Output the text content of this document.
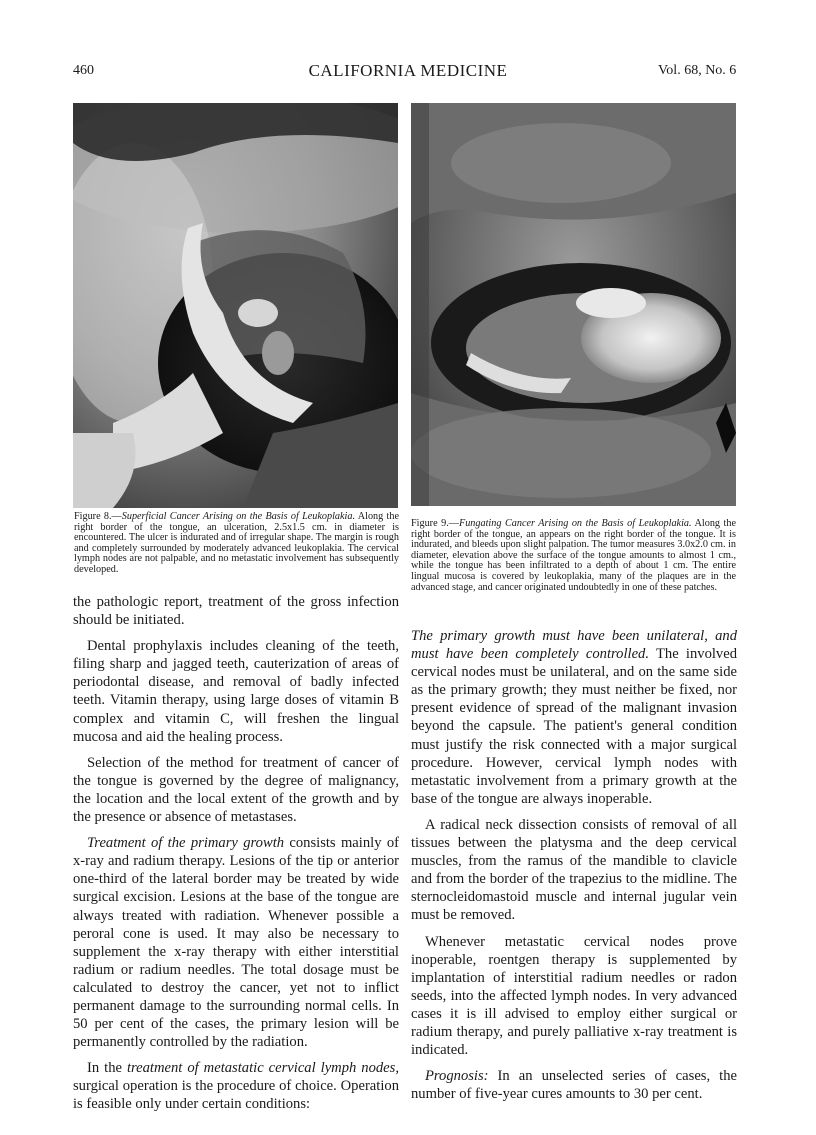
460	CALIFORNIA MEDICINE	Vol. 68, No. 6
Figure 8.—Superficial Cancer Arising on the Basis of Leukoplakia. Along the right border of the tongue, an ulceration, 2.5x1.5 cm. in diameter is encountered. The ulcer is indurated and of irregular shape. The margin is rough and completely surrounded by moderately advanced leukoplakia. The cervical lymph nodes are not palpable, and no metastatic involvement has subsequently developed.
Figure 9.—Fungating Cancer Arising on the Basis of Leukoplakia. Along the right border of the tongue, an appears on the right border of the tongue. It is indurated, and bleeds upon slight palpation. The tumor measures 3.0x2.0 cm. in diameter, elevation above the surface of the tongue amounts to almost 1 cm., while the tongue has been infiltrated to a depth of about 1 cm. The entire lingual mucosa is covered by leukoplakia, many of the plaques are in the advanced stage, and cancer originated undoubtedly in one of these patches.

the pathologic report, treatment of the gross infection should be initiated.

Dental prophylaxis includes cleaning of the teeth, filing sharp and jagged teeth, cauterization of areas of periodontal disease, and removal of badly infected teeth. Vitamin therapy, using large doses of vitamin B complex and vitamin C, will freshen the lingual mucosa and aid the healing process.

Selection of the method for treatment of cancer of the tongue is governed by the degree of malignancy, the location and the local extent of the growth and by the presence or absence of metastases.

Treatment of the primary growth consists mainly of x-ray and radium therapy. Lesions of the tip or anterior one-third of the lateral border may be treated by wide surgical excision. Lesions at the base of the tongue are always treated with radiation. Whenever possible a peroral cone is used. It may also be necessary to supplement the x-ray therapy with either interstitial radium or radium needles. The total dosage must be calculated to destroy the cancer, yet not to inflict permanent damage to the surrounding normal cells. In 50 per cent of the cases, the primary lesion will be permanently controlled by the radiation.

In the treatment of metastatic cervical lymph nodes, surgical operation is the procedure of choice. Operation is feasible only under certain conditions:

The primary growth must have been unilateral, and must have been completely controlled. The involved cervical nodes must be unilateral, and on the same side as the primary growth; they must neither be fixed, nor present evidence of spread of the malignant invasion beyond the capsule. The patient's general condition must justify the risk connected with a major surgical procedure. However, cervical lymph nodes with metastatic involvement from a primary growth at the base of the tongue are always inoperable.

A radical neck dissection consists of removal of all tissues between the platysma and the deep cervical muscles, from the ramus of the mandible to clavicle and from the border of the trapezius to the midline. The sternocleidomastoid muscle and internal jugular vein must be removed.

Whenever metastatic cervical nodes prove inoperable, roentgen therapy is supplemented by implantation of interstitial radium needles or radon seeds, into the affected lymph nodes. In very advanced cases it is ill advised to employ either surgical or radium therapy, and purely palliative x-ray treatment is indicated.

Prognosis: In an unselected series of cases, the number of five-year cures amounts to 30 per cent.
